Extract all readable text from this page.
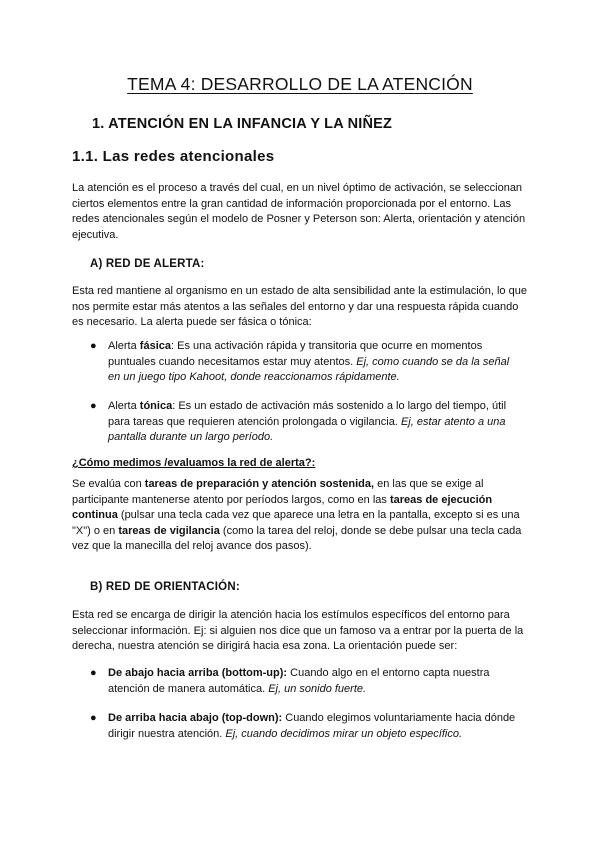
TEMA 4: DESARROLLO DE LA ATENCIÓN
1. ATENCIÓN EN LA INFANCIA Y LA NIÑEZ
1.1. Las redes atencionales

La atención es el proceso a través del cual, en un nivel óptimo de activación, se seleccionan ciertos elementos entre la gran cantidad de información proporcionada por el entorno. Las redes atencionales según el modelo de Posner y Peterson son: Alerta, orientación y atención ejecutiva.

A) RED DE ALERTA:

Esta red mantiene al organismo en un estado de alta sensibilidad ante la estimulación, lo que nos permite estar más atentos a las señales del entorno y dar una respuesta rápida cuando es necesario. La alerta puede ser fásica o tónica:

● Alerta fásica: Es una activación rápida y transitoria que ocurre en momentos puntuales cuando necesitamos estar muy atentos. Ej, como cuando se da la señal en un juego tipo Kahoot, donde reaccionamos rápidamente.
● Alerta tónica: Es un estado de activación más sostenido a lo largo del tiempo, útil para tareas que requieren atención prolongada o vigilancia. Ej, estar atento a una pantalla durante un largo período.
¿Cómo medimos /evaluamos la red de alerta?:

Se evalúa con tareas de preparación y atención sostenida, en las que se exige al participante mantenerse atento por períodos largos, como en las tareas de ejecución continua (pulsar una tecla cada vez que aparece una letra en la pantalla, excepto si es una "X") o en tareas de vigilancia (como la tarea del reloj, donde se debe pulsar una tecla cada vez que la manecilla del reloj avance dos pasos).

B) RED DE ORIENTACIÓN:

Esta red se encarga de dirigir la atención hacia los estímulos específicos del entorno para seleccionar información. Ej: si alguien nos dice que un famoso va a entrar por la puerta de la derecha, nuestra atención se dirigirá hacia esa zona. La orientación puede ser:

● De abajo hacia arriba (bottom-up): Cuando algo en el entorno capta nuestra atención de manera automática. Ej, un sonido fuerte.
● De arriba hacia abajo (top-down): Cuando elegimos voluntariamente hacia dónde dirigir nuestra atención. Ej, cuando decidimos mirar un objeto específico.
